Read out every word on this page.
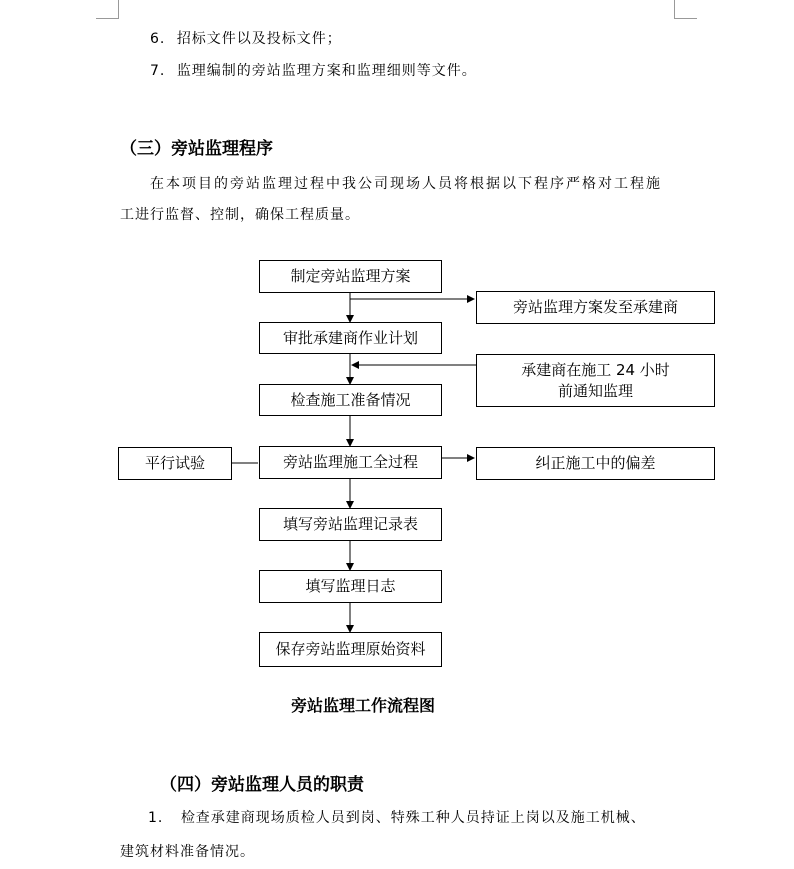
6. 招标文件以及投标文件；
7. 监理编制的旁站监理方案和监理细则等文件。
（三）旁站监理程序
在本项目的旁站监理过程中我公司现场人员将根据以下程序严格对工程施
工进行监督、控制，确保工程质量。
制定旁站监理方案
审批承建商作业计划
检查施工准备情况
旁站监理施工全过程
填写旁站监理记录表
填写监理日志
保存旁站监理原始资料
旁站监理方案发至承建商
承建商在施工 24 小时
前通知监理
纠正施工中的偏差
平行试验
旁站监理工作流程图
（四）旁站监理人员的职责
1. 检查承建商现场质检人员到岗、特殊工种人员持证上岗以及施工机械、
建筑材料准备情况。
